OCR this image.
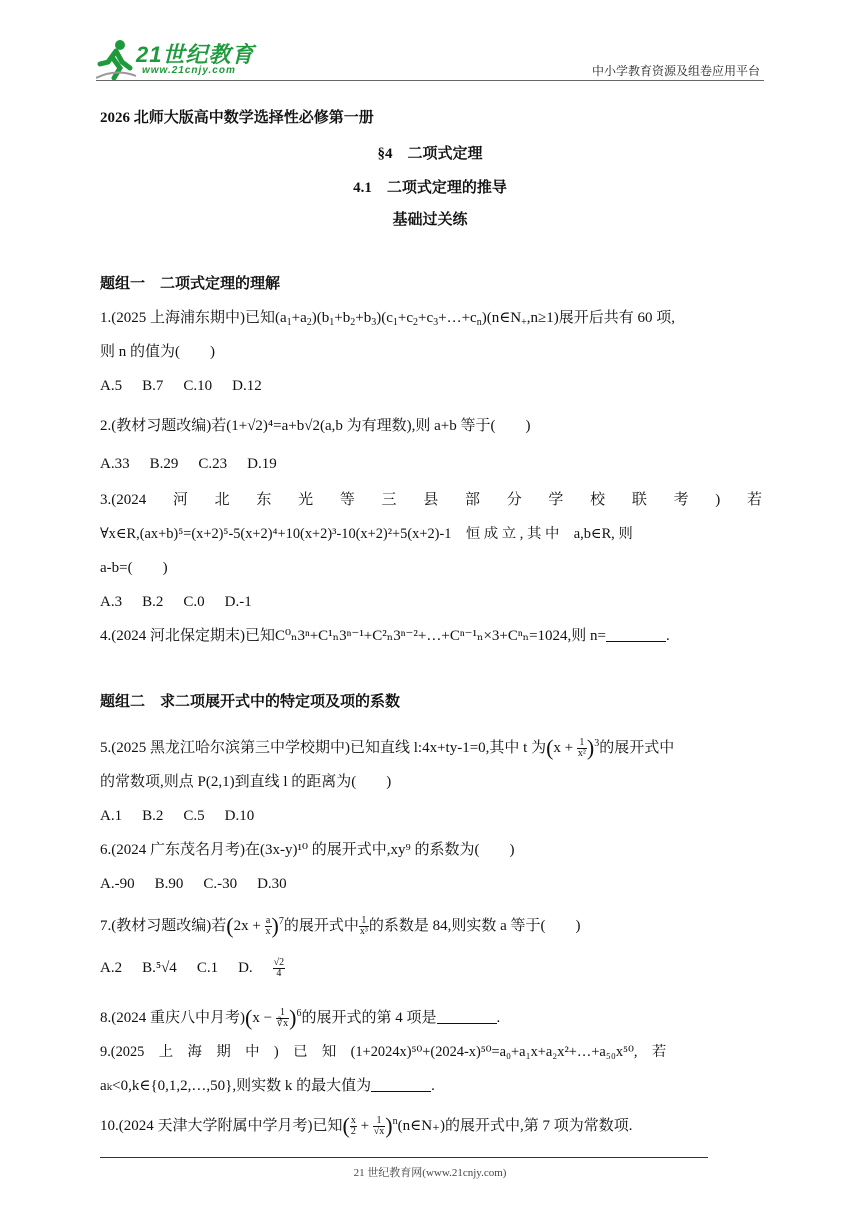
21世纪教育
www.21cnjy.com	中小学教育资源及组卷应用平台
2026 北师大版高中数学选择性必修第一册
§4　二项式定理
4.1　二项式定理的推导
基础过关练
题组一　二项式定理的理解
1.(2025 上海浦东期中)已知$(a_1+a_2)(b_1+b_2+b_3)(c_1+c_2+c_3+\dots+c_n)(n\in N_+,n\ge 1)$展开后共有 60 项,
则 n 的值为(　　)
A.5 B.7 C.10 D.12
2.(教材习题改编)若(1+√2)⁴=a+b√2(a,b 为有理数),则 a+b 等于(　　)
A.33 B.29 C.23 D.19
3.(2024　河　北　东　光　等　三　县　部　分　学　校　联　考　)　若
∀x∈R,(ax+b)⁵=(x+2)⁵-5(x+2)⁴+10(x+2)³-10(x+2)²+5(x+2)-1　恒 成 立 , 其 中　a,b∈R, 则
a-b=(　　)
A.3 B.2 C.0 D.-1
4.(2024 河北保定期末)已知C⁰ₙ3ⁿ+C¹ₙ3ⁿ⁻¹+C²ₙ3ⁿ⁻²+…+Cⁿ⁻¹ₙ×3+Cⁿₙ=1024,则 n=	.
题组二　求二项展开式中的特定项及项的系数
5.(2025 黑龙江哈尔滨第三中学校期中)已知直线 l:4x+ty-1=0,其中 t 为$(x + \frac{1}{\text{x²}} )^3$的展开式中
的常数项,则点 P(2,1)到直线 l 的距离为(　　)
A.1 B.2 C.5 D.10
6.(2024 广东茂名月考)在(3x-y)¹⁰ 的展开式中,xy⁹ 的系数为(　　)
A.-90 B.90 C.-30 D.30
7.(教材习题改编)若$(2x + \frac{a}{x} )^7$的展开式中 $\frac{1}{\text{x³}}$ 的系数是 84,则实数 a 等于(　　)
A.2 B.⁵√4 C.1 D. $\frac{√2}{4}$
8.(2024 重庆八中月考)$(x - \frac{1}{∛x} )^6$的展开式的第 4 项是	.
9.(2025　上　海　期　中　)　已　知　(1+2024x)⁵⁰+(2024-x)⁵⁰=a₀+a₁x+a₂x²+…+a₅₀x⁵⁰,　若
aₖ<0,k∈{0,1,2,…,50},则实数 k 的最大值为	.
10.(2024 天津大学附属中学月考)已知( $\frac{x}{2} + \frac{1}{√x}$ )$^n$(n∈N₊)的展开式中,第 7 项为常数项.
21 世纪教育网(www.21cnjy.com)
